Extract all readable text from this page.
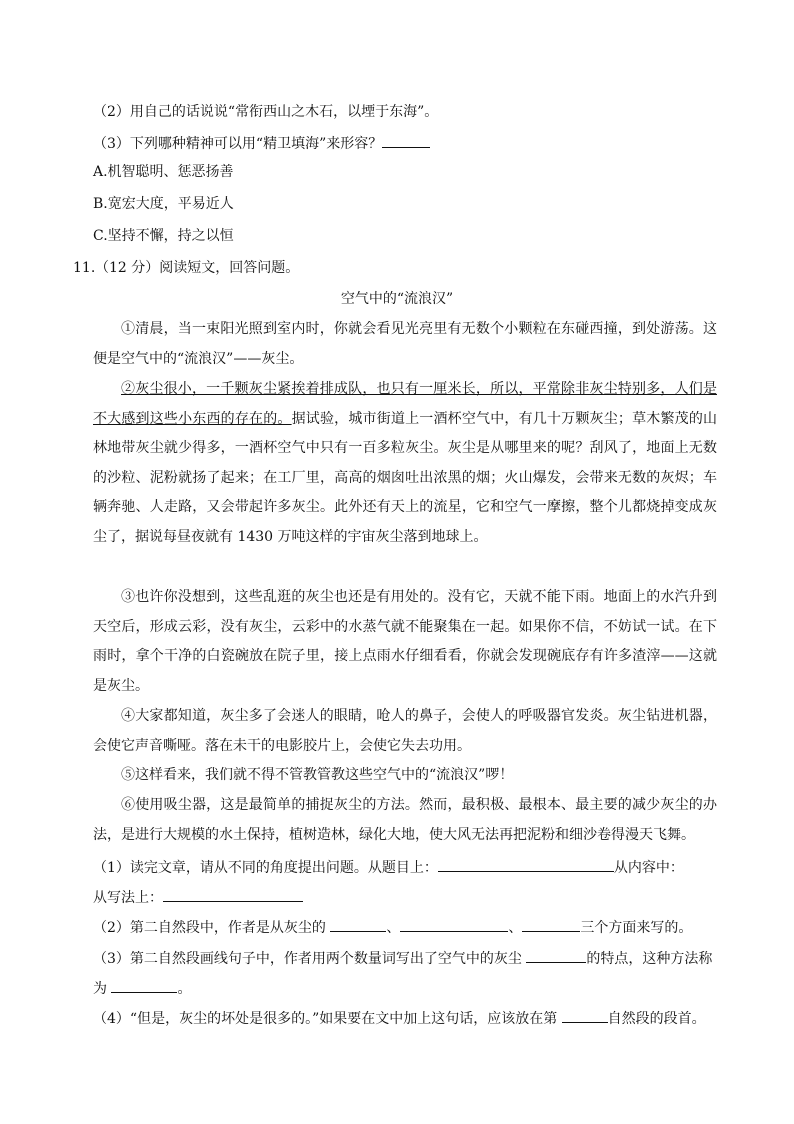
（2）用自己的话说说“常衔西山之木石，以堙于东海”。
（3）下列哪种精神可以用“精卫填海”来形容？
A.机智聪明、惩恶扬善
B.宽宏大度，平易近人
C.坚持不懈，持之以恒
11. （12 分）阅读短文，回答问题。
空气中的“流浪汉”

①清晨，当一束阳光照到室内时，你就会看见光亮里有无数个小颗粒在东碰西撞，到处游荡。这便是空气中的“流浪汉”——灰尘。

②灰尘很小，一千颗灰尘紧挨着排成队，也只有一厘米长，所以，平常除非灰尘特别多，人们是不大感到这些小东西的存在的。据试验，城市街道上一酒杯空气中，有几十万颗灰尘；草木繁茂的山林地带灰尘就少得多，一酒杯空气中只有一百多粒灰尘。灰尘是从哪里来的呢？刮风了，地面上无数的沙粒、泥粉就扬了起来；在工厂里，高高的烟囱吐出浓黑的烟；火山爆发，会带来无数的灰烬；车辆奔驰、人走路，又会带起许多灰尘。此外还有天上的流星，它和空气一摩擦，整个儿都烧掉变成灰尘了，据说每昼夜就有 1430 万吨这样的宇宙灰尘落到地球上。

③也许你没想到，这些乱逛的灰尘也还是有用处的。没有它，天就不能下雨。地面上的水汽升到天空后，形成云彩，没有灰尘，云彩中的水蒸气就不能聚集在一起。如果你不信，不妨试一试。在下雨时，拿个干净的白瓷碗放在院子里，接上点雨水仔细看看，你就会发现碗底存有许多渣滓——这就是灰尘。

④大家都知道，灰尘多了会迷人的眼睛，呛人的鼻子，会使人的呼吸器官发炎。灰尘钻进机器，会使它声音嘶哑。落在未干的电影胶片上，会使它失去功用。

⑤这样看来，我们就不得不管教管教这些空气中的“流浪汉”啰！

⑥使用吸尘器，这是最简单的捕捉灰尘的方法。然而，最积极、最根本、最主要的减少灰尘的办法，是进行大规模的水土保持，植树造林，绿化大地，使大风无法再把泥粉和细沙卷得漫天飞舞。

（1）读完文章，请从不同的角度提出问题。从题目上：	从内容中：
从写法上：
（2）第二自然段中，作者是从灰尘的	、	、	三个方面来写的。
（3）第二自然段画线句子中，作者用两个数量词写出了空气中的灰尘	的特点，这种方法称
为	。
（4）“但是，灰尘的坏处是很多的。”如果要在文中加上这句话，应该放在第	自然段的段首。
